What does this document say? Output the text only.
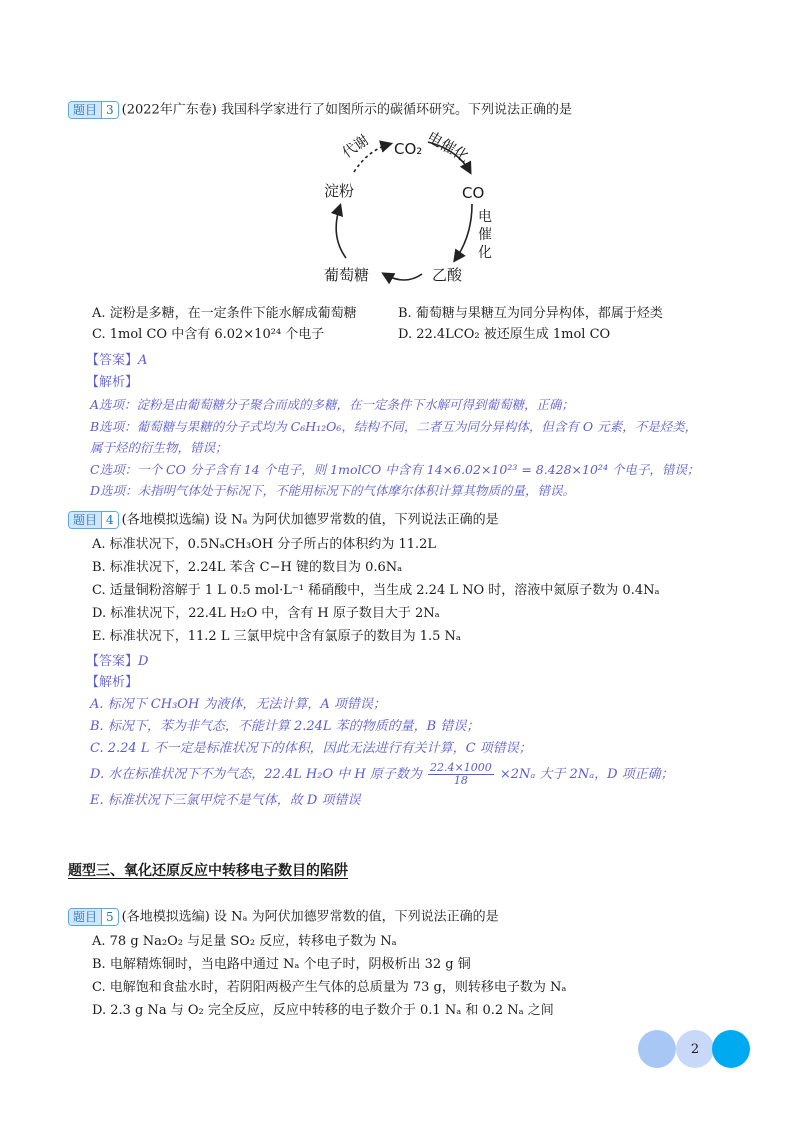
题目 3 (2022年广东卷) 我国科学家进行了如图所示的碳循环研究。下列说法正确的是
CO₂
CO
乙酸
葡萄糖
淀粉
代谢	电催化
电
催
化
A. 淀粉是多糖，在一定条件下能水解成葡萄糖	B. 葡萄糖与果糖互为同分异构体，都属于烃类
C. 1mol CO 中含有 6.02×10²⁴ 个电子	D. 22.4LCO₂ 被还原生成 1mol CO
【答案】A
【解析】
A选项：淀粉是由葡萄糖分子聚合而成的多糖，在一定条件下水解可得到葡萄糖，正确；
B选项：葡萄糖与果糖的分子式均为 C₆H₁₂O₆，结构不同，二者互为同分异构体，但含有 O 元素，不是烃类，
属于烃的衍生物，错误；
C选项：一个 CO 分子含有 14 个电子，则 1molCO 中含有 14×6.02×10²³ = 8.428×10²⁴ 个电子，错误；
D选项：未指明气体处于标况下，不能用标况下的气体摩尔体积计算其物质的量，错误。
题目 4 (各地模拟选编) 设 Nₐ 为阿伏加德罗常数的值，下列说法正确的是
A. 标准状况下，0.5NₐCH₃OH 分子所占的体积约为 11.2L
B. 标准状况下，2.24L 苯含 C−H 键的数目为 0.6Nₐ
C. 适量铜粉溶解于 1 L 0.5 mol·L⁻¹ 稀硝酸中，当生成 2.24 L NO 时，溶液中氮原子数为 0.4Nₐ
D. 标准状况下，22.4L H₂O 中，含有 H 原子数目大于 2Nₐ
E. 标准状况下，11.2 L 三氯甲烷中含有氯原子的数目为 1.5 Nₐ
【答案】D
【解析】
A. 标况下 CH₃OH 为液体，无法计算，A 项错误；
B. 标况下，苯为非气态，不能计算 2.24L 苯的物质的量，B 错误；
C. 2.24 L 不一定是标准状况下的体积，因此无法进行有关计算，C 项错误；
D. 水在标准状况下不为气态，22.4L H₂O 中 H 原子数为 $\frac{22.4\times 1000}{18} \times 2N_a$ 大于 2Nₐ，D 项正确；
E. 标准状况下三氯甲烷不是气体，故 D 项错误
题型三、氧化还原反应中转移电子数目的陷阱
题目 5 (各地模拟选编) 设 Nₐ 为阿伏加德罗常数的值，下列说法正确的是
A. 78 g Na₂O₂ 与足量 SO₂ 反应，转移电子数为 Nₐ
B. 电解精炼铜时，当电路中通过 Nₐ 个电子时，阴极析出 32 g 铜
C. 电解饱和食盐水时，若阴阳两极产生气体的总质量为 73 g，则转移电子数为 Nₐ
D. 2.3 g Na 与 O₂ 完全反应，反应中转移的电子数介于 0.1 Nₐ 和 0.2 Nₐ 之间
2
